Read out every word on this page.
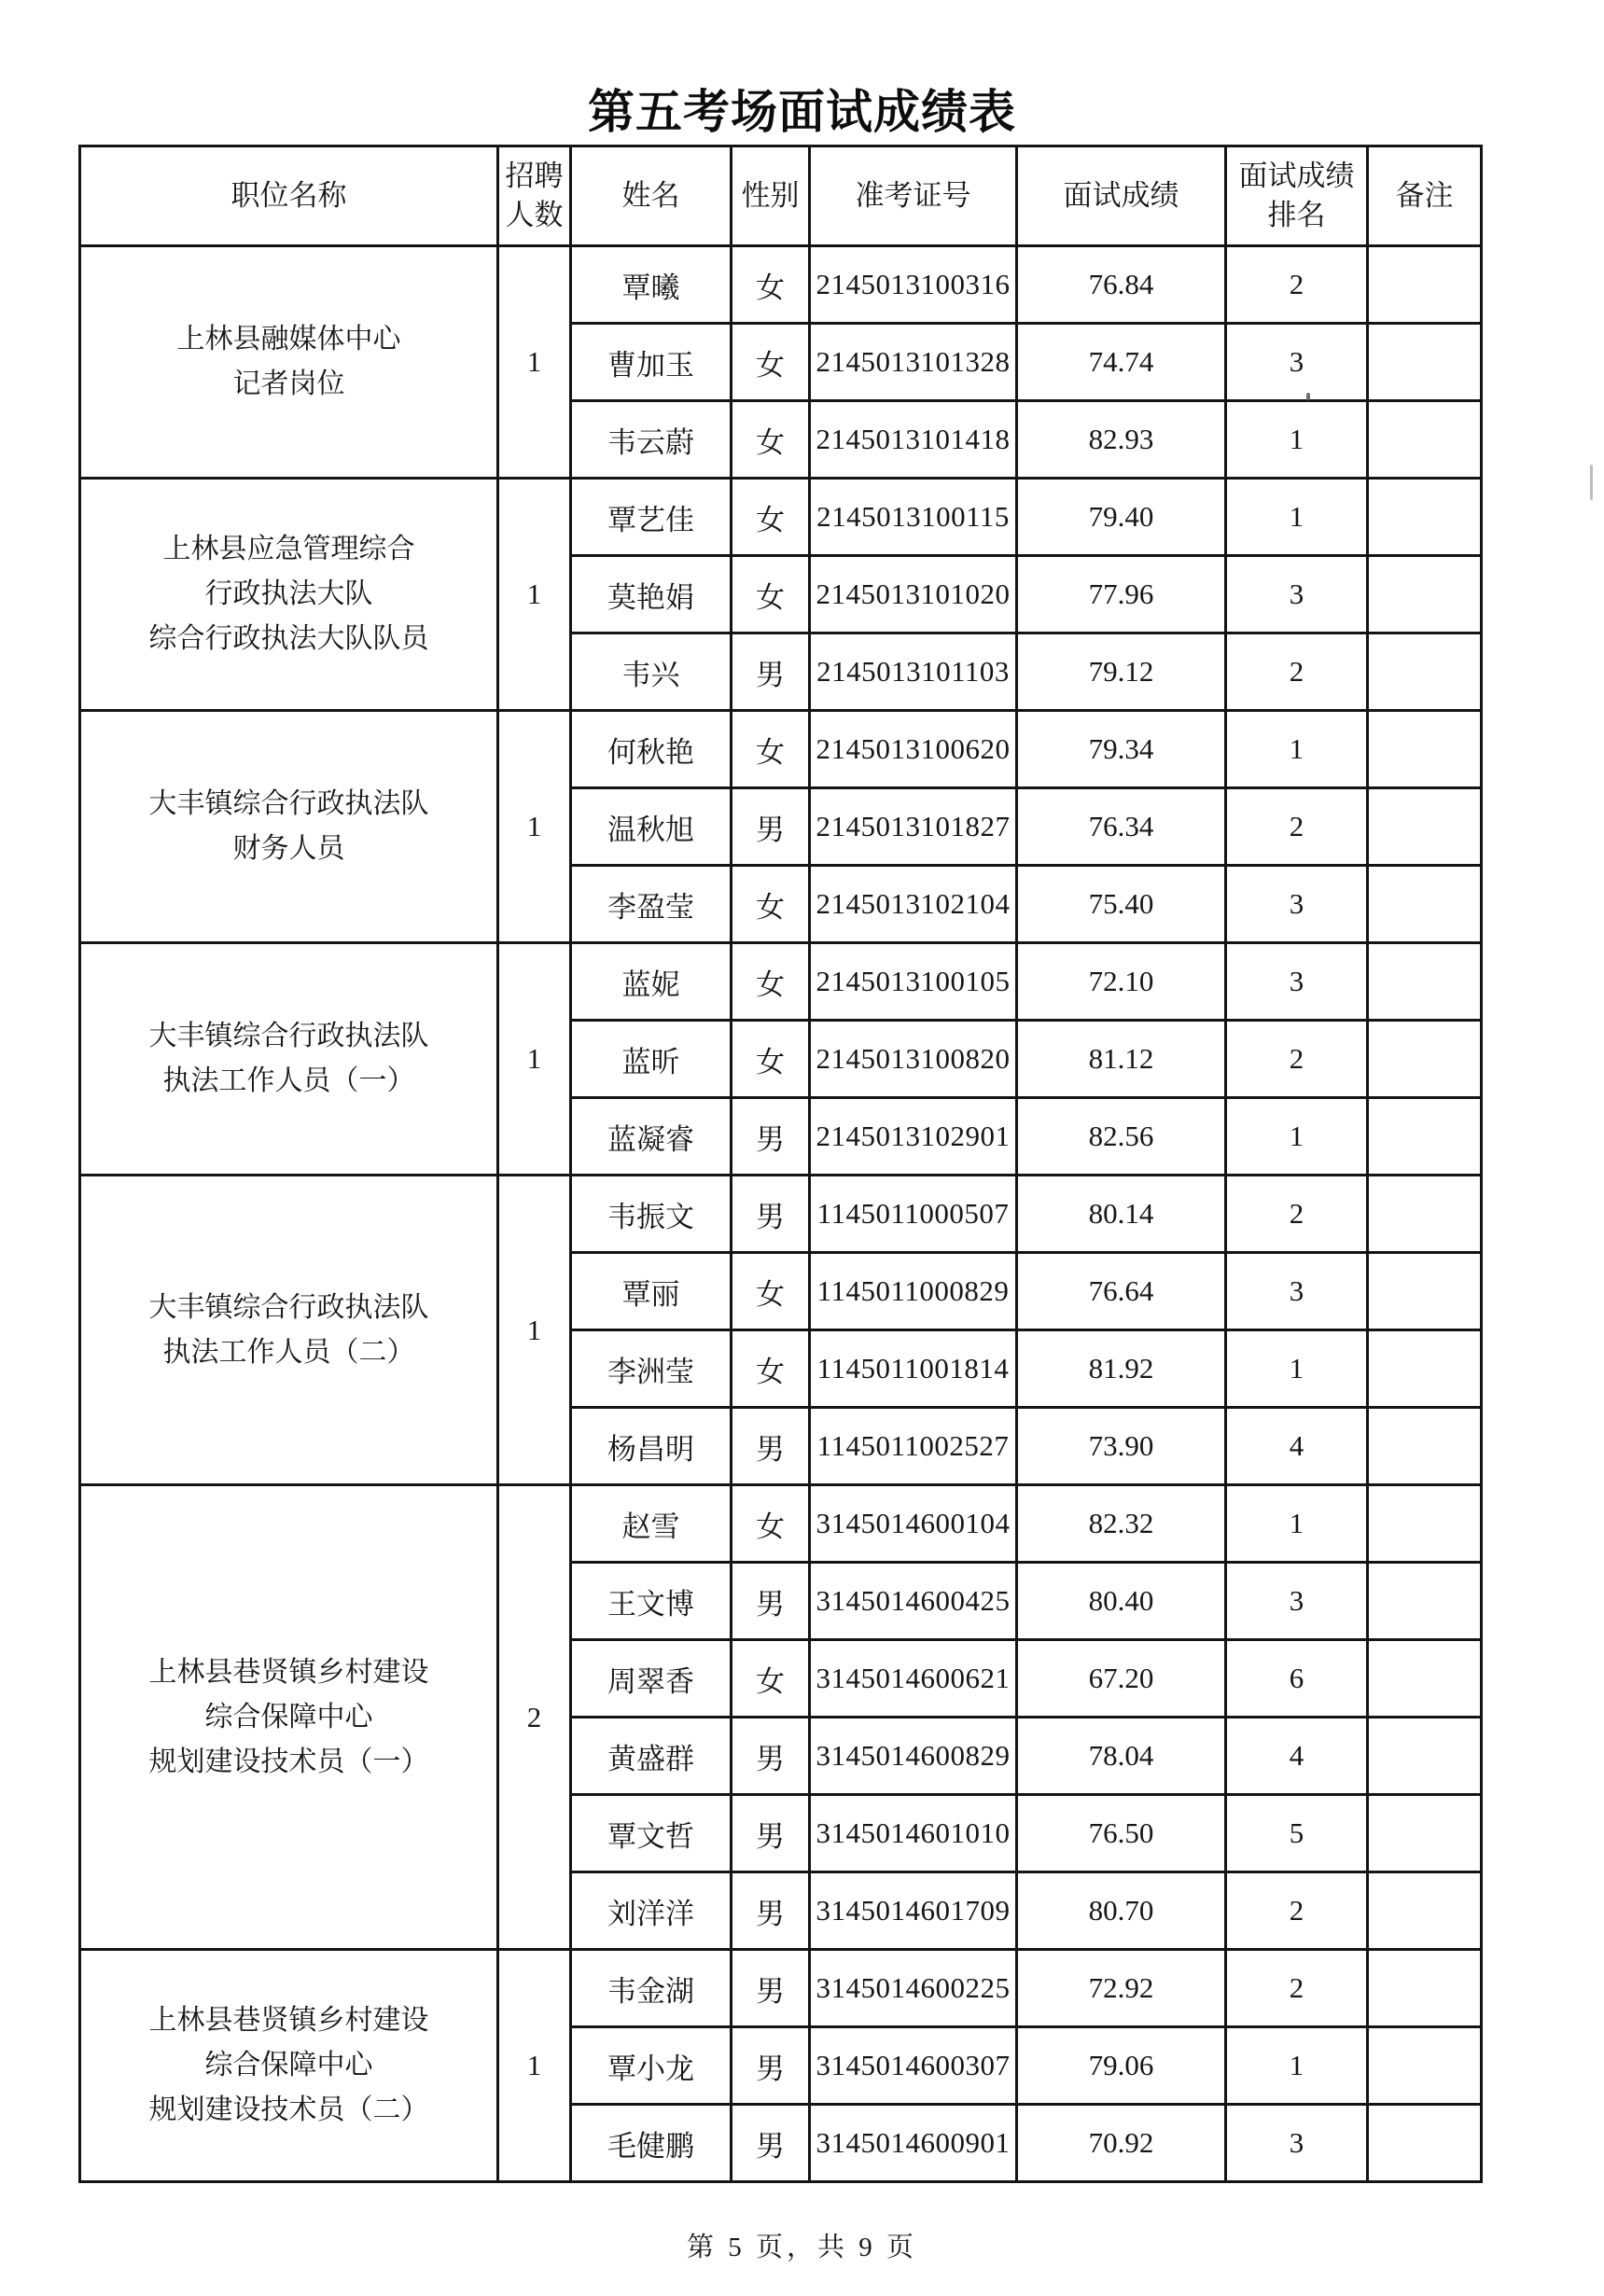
第五考场面试成绩表
职位名称	招聘人数	姓名	性别	准考证号	面试成绩	面试成绩排名	备注

上林县融媒体中心
记者岗位	1	覃曦	女	2145013100316	76.84	2	
		曹加玉	女	2145013101328	74.74	3	
		韦云蔚	女	2145013101418	82.93	1	

上林县应急管理综合
行政执法大队
综合行政执法大队队员	1	覃艺佳	女	2145013100115	79.40	1	
		莫艳娟	女	2145013101020	77.96	3	
		韦兴	男	2145013101103	79.12	2	

大丰镇综合行政执法队
财务人员	1	何秋艳	女	2145013100620	79.34	1	
		温秋旭	男	2145013101827	76.34	2	
		李盈莹	女	2145013102104	75.40	3	

大丰镇综合行政执法队
执法工作人员（一）	1	蓝妮	女	2145013100105	72.10	3	
		蓝昕	女	2145013100820	81.12	2	
		蓝凝睿	男	2145013102901	82.56	1	

大丰镇综合行政执法队
执法工作人员（二）	1	韦振文	男	1145011000507	80.14	2	
		覃丽	女	1145011000829	76.64	3	
		李洲莹	女	1145011001814	81.92	1	
		杨昌明	男	1145011002527	73.90	4	

上林县巷贤镇乡村建设
综合保障中心
规划建设技术员（一）	2	赵雪	女	3145014600104	82.32	1	
		王文博	男	3145014600425	80.40	3	
		周翠香	女	3145014600621	67.20	6	
		黄盛群	男	3145014600829	78.04	4	
		覃文哲	男	3145014601010	76.50	5	
		刘洋洋	男	3145014601709	80.70	2	

上林县巷贤镇乡村建设
综合保障中心
规划建设技术员（二）	1	韦金湖	男	3145014600225	72.92	2	
		覃小龙	男	3145014600307	79.06	1	
		毛健鹏	男	3145014600901	70.92	3	
第 5 页，共 9 页
